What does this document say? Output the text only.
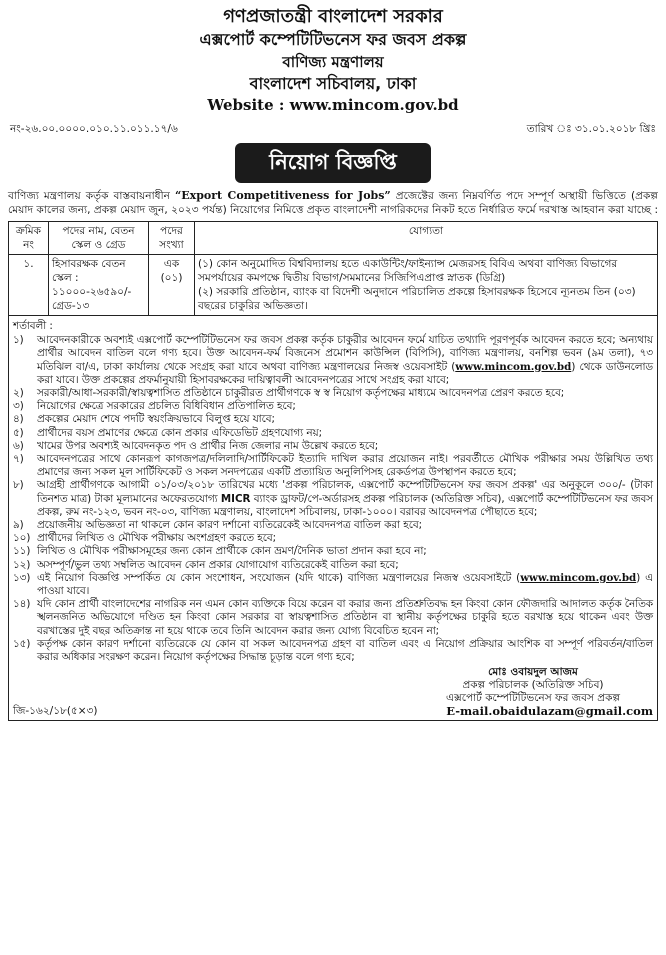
গণপ্রজাতন্ত্রী বাংলাদেশ সরকার
এক্সপোর্ট কম্পেটিটিভনেস ফর জবস প্রকল্প
বাণিজ্য মন্ত্রণালয়
বাংলাদেশ সচিবালয়, ঢাকা
Website : www.mincom.gov.bd
নং-২৬.০০.০০০০.০১০.১১.০১১.১৭/৬	তারিখ ঃ ৩১.০১.২০১৮ খ্রিঃ
নিয়োগ বিজ্ঞপ্তি
বাণিজ্য মন্ত্রণালয় কর্তৃক বাস্তবায়নাধীন “Export Competitiveness for Jobs” প্রজেক্টের জন্য নিম্নবর্ণিত পদে সম্পূর্ণ অস্থায়ী ভিত্তিতে (প্রকল্প মেয়াদ কালের জন্য, প্রকল্প মেয়াদ জুন, ২০২৩ পর্যন্ত) নিয়োগের নিমিত্তে প্রকৃত বাংলাদেশী নাগরিকদের নিকট হতে নির্ধারিত ফর্মে দরখাস্ত আহবান করা যাচ্ছে :
ক্রমিক নং	পদের নাম, বেতন স্কেল ও গ্রেড	পদের সংখ্যা	যোগ্যতা
১.	হিসাবরক্ষক বেতন স্কেল : ১১০০০-২৬৫৯০/- গ্রেড-১৩	এক (০১)	(১) কোন অনুমোদিত বিশ্ববিদ্যালয় হতে একাউন্টিং/ফাইন্যান্স মেজরসহ বিবিএ অথবা বাণিজ্য বিভাগের সমপর্যায়ের কমপক্ষে দ্বিতীয় বিভাগ/সমমানের সিজিপিএপ্রাপ্ত স্নাতক (ডিগ্রি)
(২) সরকারি প্রতিষ্ঠান, ব্যাংক বা বিদেশী অনুদানে পরিচালিত প্রকল্পে হিসাবরক্ষক হিসেবে ন্যূনতম তিন (০৩) বছরের চাকুরির অভিজ্ঞতা।
শর্তাবলী :
১)	আবেদনকারীকে অবশ্যই এক্সপোর্ট কম্পেটিটিভনেস ফর জবস প্রকল্প কর্তৃক চাকুরীর আবেদন ফর্মে যাচিত তথ্যাদি পূরণপূর্বক আবেদন করতে হবে; অন্যথায় প্রার্থীর আবেদন বাতিল বলে গণ্য হবে। উক্ত আবেদন-ফর্ম বিজনেস প্রমোশন কাউন্সিল (বিপিসি), বাণিজ্য মন্ত্রণালয়, বনশিল্প ভবন (৯ম তলা), ৭৩ মতিঝিল বা/এ, ঢাকা কার্যালয় থেকে সংগ্রহ করা যাবে অথবা বাণিজ্য মন্ত্রণালয়ের নিজস্ব ওয়েবসাইট (www.mincom.gov.bd) থেকে ডাউনলোড করা যাবে। উক্ত প্রকল্পের প্রফর্মানুযায়ী হিসাবরক্ষকের দায়িত্বাবলী আবেদনপত্রের সাথে সংগ্রহ করা যাবে;
২)	সরকারী/আধা-সরকারী/স্বায়ত্বশাসিত প্রতিষ্ঠানে চাকুরীরত প্রার্থীগণকে স্ব স্ব নিয়োগ কর্তৃপক্ষের মাধ্যমে আবেদনপত্র প্রেরণ করতে হবে;
৩)	নিয়োগের ক্ষেত্রে সরকারের প্রচলিত বিধিবিধান প্রতিপালিত হবে;
৪)	প্রকল্পের মেয়াদ শেষে পদটি স্বয়ংক্রিয়ভাবে বিলুপ্ত হয়ে যাবে;
৫)	প্রার্থীদের বয়স প্রমাণের ক্ষেত্রে কোন প্রকার এফিডেভিট গ্রহণযোগ্য নয়;
৬)	খামের উপর অবশ্যই আবেদনকৃত পদ ও প্রার্থীর নিজ জেলার নাম উল্লেখ করতে হবে;
৭)	আবেদনপত্রের সাথে কোনরূপ কাগজপত্র/দলিলাদি/সার্টিফিকেট ইত্যাদি দাখিল করার প্রয়োজন নাই। পরবর্তীতে মৌখিক পরীক্ষার সময় উল্লিখিত তথ্য প্রমাণের জন্য সকল মূল সার্টিফিকেট ও সকল সনদপত্রের একটি প্রত্যায়িত অনুলিপিসহ রেকর্ডপত্র উপস্থাপন করতে হবে;
৮)	আগ্রহী প্রার্থীগণকে আগামী ০১/০৩/২০১৮ তারিখের মধ্যে 'প্রকল্প পরিচালক, এক্সপোর্ট কম্পেটিটিভনেস ফর জবস প্রকল্প' এর অনুকূলে ৩০০/- (টাকা তিনশত মাত্র) টাকা মূল্যমানের অফেরতযোগ্য MICR ব্যাংক ড্রাফট/পে-অর্ডারসহ প্রকল্প পরিচালক (অতিরিক্ত সচিব), এক্সপোর্ট কম্পেটিটিভনেস ফর জবস প্রকল্প, রুম নং-১২৩, ভবন নং-০৩, বাণিজ্য মন্ত্রণালয়, বাংলাদেশ সচিবালয়, ঢাকা-১০০০। বরাবর আবেদনপত্র পৌছাতে হবে;
৯)	প্রয়োজনীয় অভিজ্ঞতা না থাকলে কোন কারণ দর্শানো ব্যতিরেকেই আবেদনপত্র বাতিল করা হবে;
১০) প্রার্থীদের লিখিত ও মৌখিক পরীক্ষায় অংশগ্রহণ করতে হবে;
১১) লিখিত ও মৌখিক পরীক্ষাসমূহের জন্য কোন প্রার্থীকে কোন ভ্রমণ/দৈনিক ভাতা প্রদান করা হবে না;
১২) অসম্পূর্ণ/ভুল তথ্য সম্বলিত আবেদন কোন প্রকার যোগাযোগ ব্যতিরেকেই বাতিল করা হবে;
১৩) এই নিয়োগ বিজ্ঞপ্তি সম্পর্কিত যে কোন সংশোধন, সংযোজন (যদি থাকে) বাণিজ্য মন্ত্রণালয়ের নিজস্ব ওয়েবসাইটে (www.mincom.gov.bd) এ পাওয়া যাবে।
১৪) যদি কোন প্রার্থী বাংলাদেশের নাগরিক নন এমন কোন ব্যক্তিকে বিয়ে করেন বা করার জন্য প্রতিশ্রুতিবদ্ধ হন কিংবা কোন ফৌজদারি আদালত কর্তৃক নৈতিক স্খলনজনিত অভিযোগে দণ্ডিত হন কিংবা কোন সরকার বা স্বায়ত্বশাসিত প্রতিষ্ঠান বা স্থানীয় কর্তৃপক্ষের চাকুরি হতে বরখাস্ত হয়ে থাকেন এবং উক্ত বরখাস্তের দুই বছর অতিক্রান্ত না হয়ে থাকে তবে তিনি আবেদন করার জন্য যোগ্য বিবেচিত হবেন না;
১৫) কর্তৃপক্ষ কোন কারণ দর্শানো ব্যতিরেকে যে কোন বা সকল আবেদনপত্র গ্রহণ বা বাতিল এবং এ নিয়োগ প্রক্রিয়ার আংশিক বা সম্পূর্ণ পরিবর্তন/বাতিল করার অধিকার সংরক্ষণ করেন। নিয়োগ কর্তৃপক্ষের সিদ্ধান্ত চূড়ান্ত বলে গণ্য হবে;
মোঃ ওবায়দুল আজম
প্রকল্প পরিচালক (অতিরিক্ত সচিব)
এক্সপোর্ট কম্পেটিটিভনেস ফর জবস প্রকল্প
জি-১৬২/১৮(৫×৩)	E-mail.obaidulazam@gmail.com
